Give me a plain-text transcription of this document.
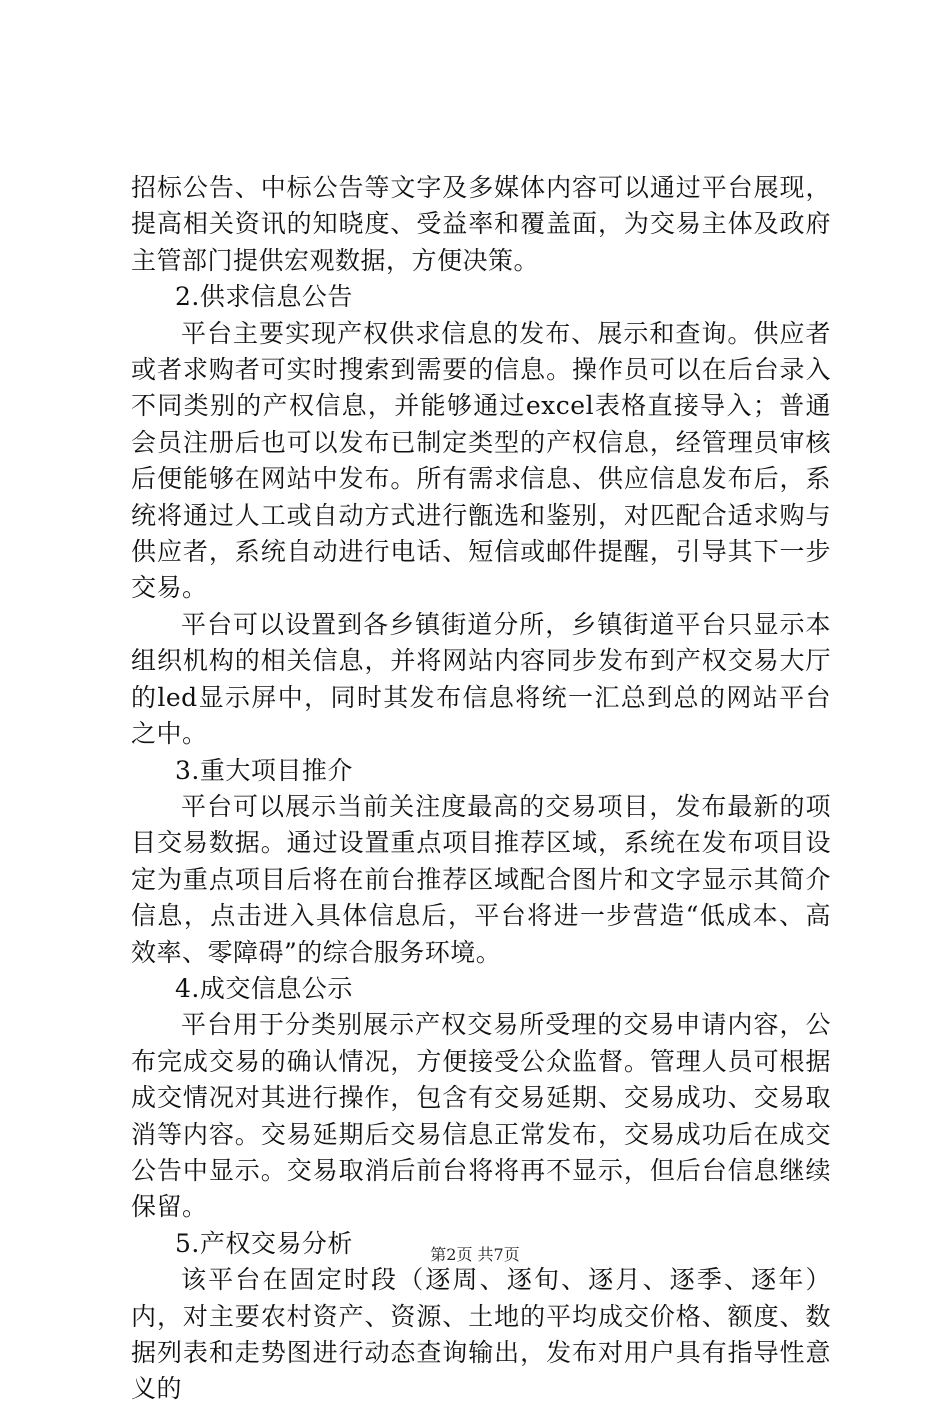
招标公告、中标公告等文字及多媒体内容可以通过平台展现，提高相关资讯的知晓度、受益率和覆盖面，为交易主体及政府主管部门提供宏观数据，方便决策。

2.供求信息公告

平台主要实现产权供求信息的发布、展示和查询。供应者或者求购者可实时搜索到需要的信息。操作员可以在后台录入不同类别的产权信息，并能够通过excel表格直接导入；普通会员注册后也可以发布已制定类型的产权信息，经管理员审核后便能够在网站中发布。所有需求信息、供应信息发布后，系统将通过人工或自动方式进行甑选和鉴别，对匹配合适求购与供应者，系统自动进行电话、短信或邮件提醒，引导其下一步交易。

平台可以设置到各乡镇街道分所，乡镇街道平台只显示本组织机构的相关信息，并将网站内容同步发布到产权交易大厅的led显示屏中，同时其发布信息将统一汇总到总的网站平台之中。

3.重大项目推介

平台可以展示当前关注度最高的交易项目，发布最新的项目交易数据。通过设置重点项目推荐区域，系统在发布项目设定为重点项目后将在前台推荐区域配合图片和文字显示其简介信息，点击进入具体信息后，平台将进一步营造“低成本、高效率、零障碍”的综合服务环境。

4.成交信息公示

平台用于分类别展示产权交易所受理的交易申请内容，公布完成交易的确认情况，方便接受公众监督。管理人员可根据成交情况对其进行操作，包含有交易延期、交易成功、交易取消等内容。交易延期后交易信息正常发布，交易成功后在成交公告中显示。交易取消后前台将将再不显示，但后台信息继续保留。

5.产权交易分析

该平台在固定时段（逐周、逐旬、逐月、逐季、逐年）内，对主要农村资产、资源、土地的平均成交价格、额度、数据列表和走势图进行动态查询输出，发布对用户具有指导性意义的

第2页 共7页
